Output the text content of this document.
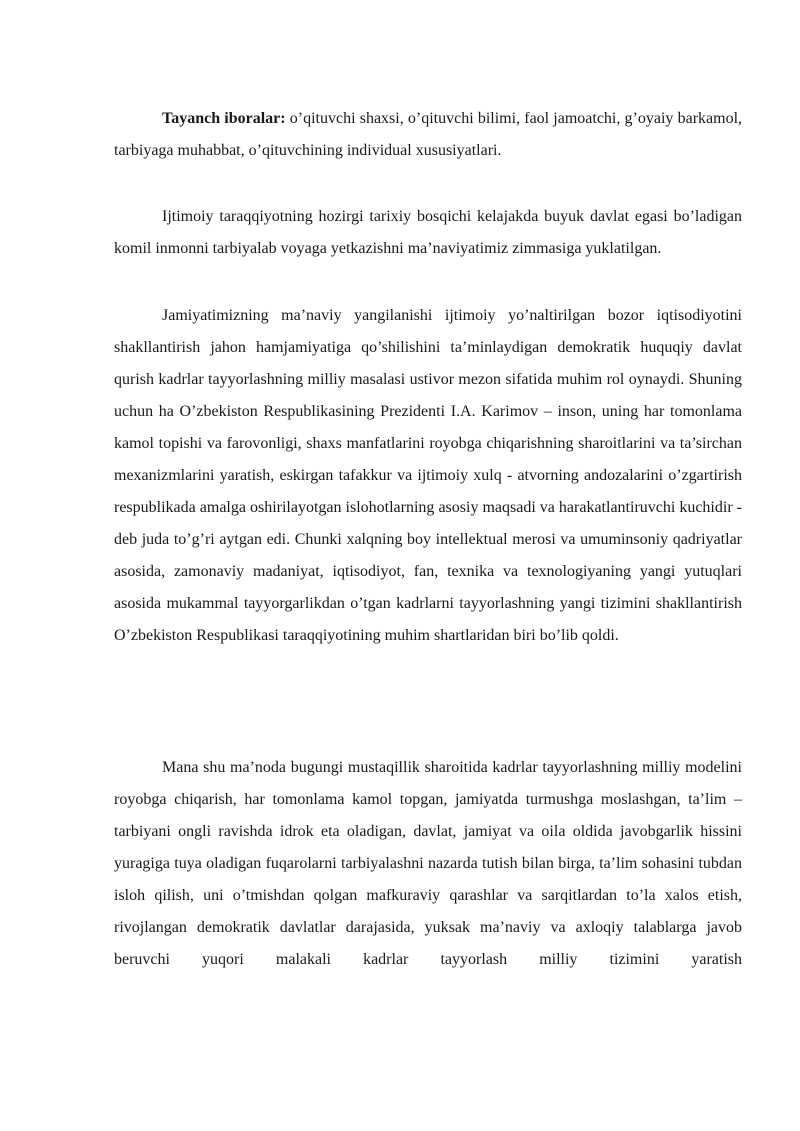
Tayanch iboralar: o’qituvchi shaxsi, o’qituvchi bilimi, faol jamoatchi, g’oyaiy barkamol, tarbiyaga muhabbat, o’qituvchining individual xususiyatlari.

Ijtimoiy taraqqiyotning hozirgi tarixiy bosqichi kelajakda buyuk davlat egasi bo’ladigan komil inmonni tarbiyalab voyaga yetkazishni ma’naviyatimiz zimmasiga yuklatilgan.

Jamiyatimizning ma’naviy yangilanishi ijtimoiy yo’naltirilgan bozor iqtisodiyotini shakllantirish jahon hamjamiyatiga qo’shilishini ta’minlaydigan demokratik huquqiy davlat qurish kadrlar tayyorlashning milliy masalasi ustivor mezon sifatida muhim rol oynaydi. Shuning uchun ha O’zbekiston Respublikasining Prezidenti I.A. Karimov – inson, uning har tomonlama kamol topishi va farovonligi, shaxs manfatlarini royobga chiqarishning sharoitlarini va ta’sirchan mexanizmlarini yaratish, eskirgan tafakkur va ijtimoiy xulq - atvorning andozalarini o’zgartirish respublikada amalga oshirilayotgan islohotlarning asosiy maqsadi va harakatlantiruvchi kuchidir - deb juda to’g’ri aytgan edi. Chunki xalqning boy intellektual merosi va umuminsoniy qadriyatlar asosida, zamonaviy madaniyat, iqtisodiyot, fan, texnika va texnologiyaning yangi yutuqlari asosida mukammal tayyorgarlikdan o’tgan kadrlarni tayyorlashning yangi tizimini shakllantirish O’zbekiston Respublikasi taraqqiyotining muhim shartlaridan biri bo’lib qoldi.

Mana shu ma’noda bugungi mustaqillik sharoitida kadrlar tayyorlashning milliy modelini royobga chiqarish, har tomonlama kamol topgan, jamiyatda turmushga moslashgan, ta’lim – tarbiyani ongli ravishda idrok eta oladigan, davlat, jamiyat va oila oldida javobgarlik hissini yuragiga tuya oladigan fuqarolarni tarbiyalashni nazarda tutish bilan birga, ta’lim sohasini tubdan isloh qilish, uni o’tmishdan qolgan mafkuraviy qarashlar va sarqitlardan to’la xalos etish, rivojlangan demokratik davlatlar darajasida, yuksak ma’naviy va axloqiy talablarga javob beruvchi yuqori malakali kadrlar tayyorlash milliy tizimini yaratish
